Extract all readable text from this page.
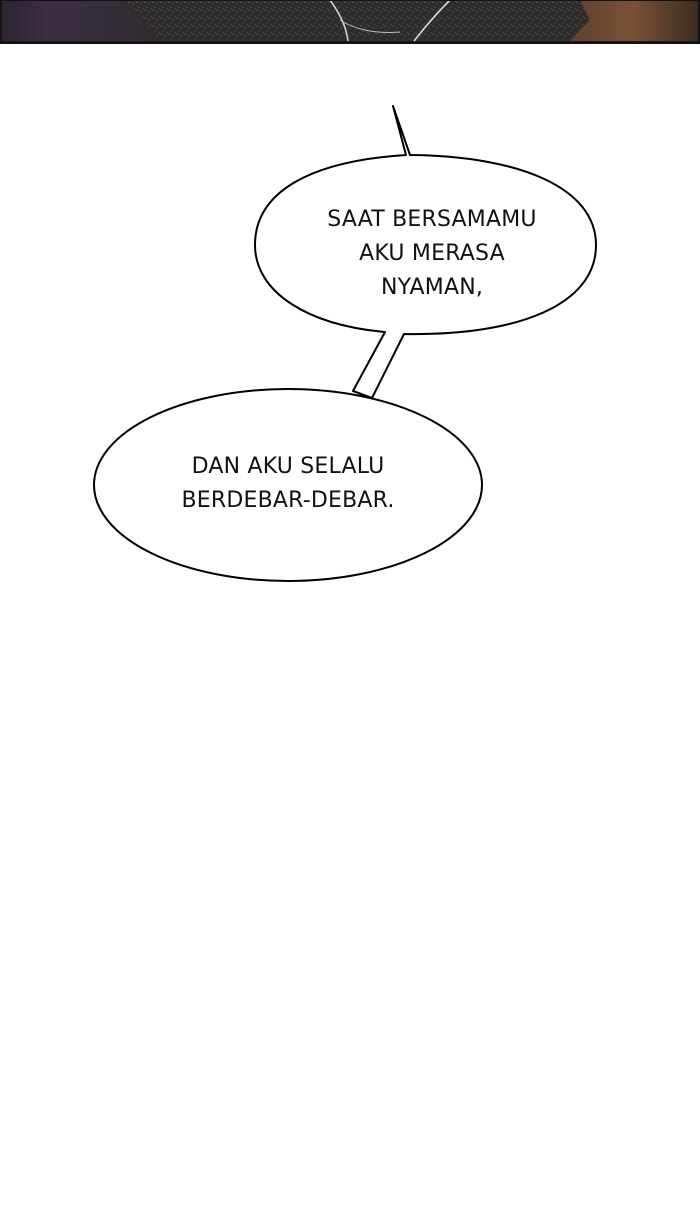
SAAT BERSAMAMU
AKU MERASA
NYAMAN,
DAN AKU SELALU
BERDEBAR-DEBAR.
